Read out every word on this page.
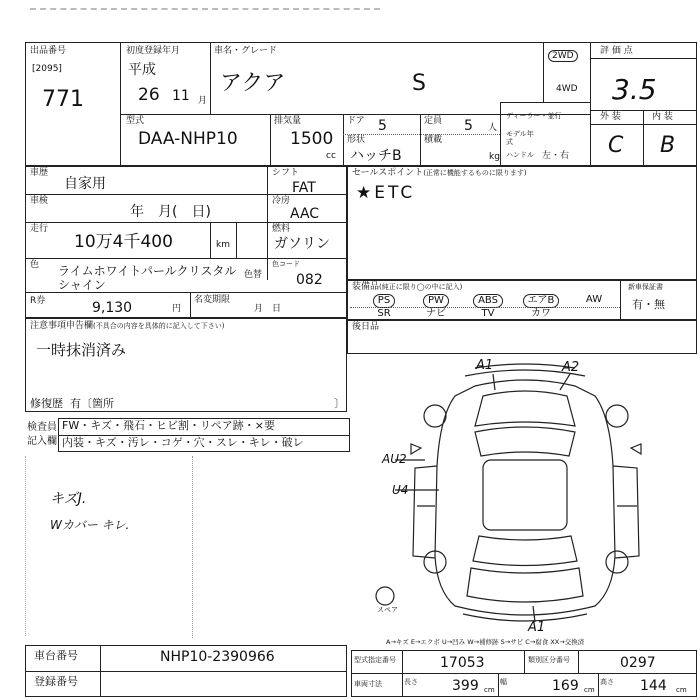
出品番号
[2095]
771
初度登録年月
平成
26 11 月
車名・グレード
アクア	S
2WD
4WD
評 価 点
3.5
型式
DAA-NHP10
排気量
1500
cc
ドア 5
形状
ハッチB
定員 5 人
積載
kg
ディーラー・並行
モデル年式
ハンドル 左・右
外 装	内 装
C B
車歴
自家用
シフト
FAT
車検
年　月(　日)
冷房
AAC
走行
10万4千400	km
燃料
ガソリン
色 ライムホワイトパールクリスタルシャイン
色替
色コード
082
R券	9,130	円
名変期限
月　日
セールスポイント(正常に機能するものに限ります)
★ETC
装備品(純正に限り◯の中に記入)	新車保証書
有・無
PS	PW	ABS	エアB	AW
SR	ナビ	TV	カワ
後日品
注意事項申告欄(不具合の内容を具体的に記入して下さい)
一時抹消済み
修復歴 有〔箇所	〕
検査員
記入欄
FW・キズ・飛石・ヒビ割・リペア跡・×要
内装・キズ・汚レ・コゲ・穴・スレ・キレ・破レ
キズJ.
Wカバー キレ.
A1	A2
AU2
U4
A1
スペア
A→キズ E→エクボ U→凹み W→補修跡 S→サビ C→腐食 XX→交換済
車台番号	NHP10-2390966
登録番号
型式指定番号	17053	類別区分番号	0297
車両寸法	長さ 399 cm
幅	169 cm
高さ 144 cm
